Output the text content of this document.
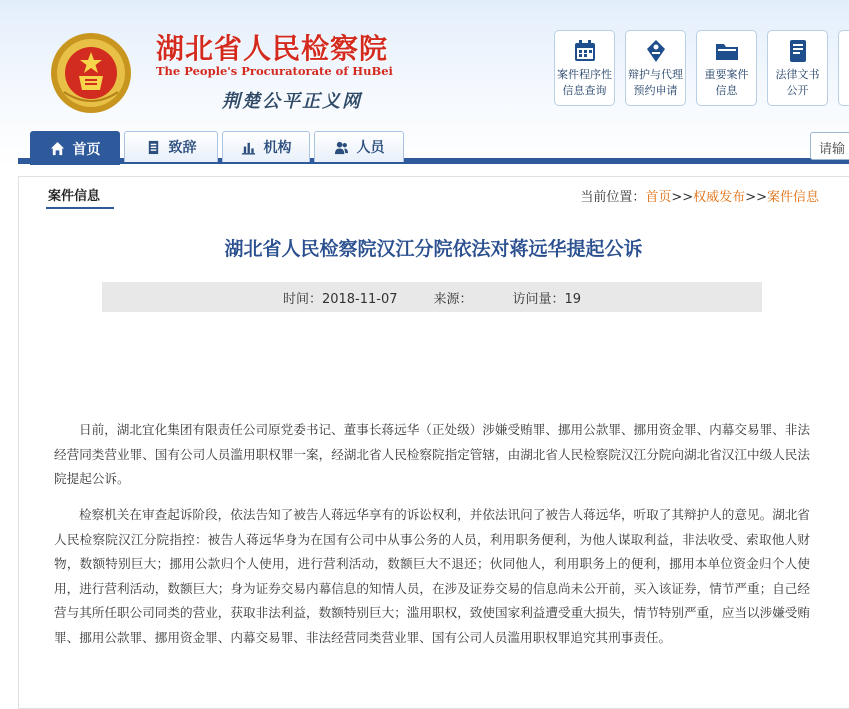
湖北省人民检察院
The People's Procuratorate of HuBei
荆楚公平正义网
案件程序性
信息查询
辩护与代理
预约申请
重要案件
信息
法律文书
公开
首页	致辞	机构	人员	请输
案件信息	当前位置：首页>>权威发布>>案件信息
湖北省人民检察院汉江分院依法对蒋远华提起公诉
时间：2018-11-07	来源：	访问量：19

日前，湖北宜化集团有限责任公司原党委书记、董事长蒋远华（正处级）涉嫌受贿罪、挪用公款罪、挪用资金罪、内幕交易罪、非法经营同类营业罪、国有公司人员滥用职权罪一案，经湖北省人民检察院指定管辖，由湖北省人民检察院汉江分院向湖北省汉江中级人民法院提起公诉。

检察机关在审查起诉阶段，依法告知了被告人蒋远华享有的诉讼权利，并依法讯问了被告人蒋远华，听取了其辩护人的意见。湖北省人民检察院汉江分院指控：被告人蒋远华身为在国有公司中从事公务的人员，利用职务便利，为他人谋取利益，非法收受、索取他人财物，数额特别巨大；挪用公款归个人使用，进行营利活动，数额巨大不退还；伙同他人，利用职务上的便利，挪用本单位资金归个人使用，进行营利活动，数额巨大；身为证券交易内幕信息的知情人员，在涉及证券交易的信息尚未公开前，买入该证券，情节严重；自己经营与其所任职公司同类的营业，获取非法利益，数额特别巨大；滥用职权，致使国家利益遭受重大损失，情节特别严重，应当以涉嫌受贿罪、挪用公款罪、挪用资金罪、内幕交易罪、非法经营同类营业罪、国有公司人员滥用职权罪追究其刑事责任。
